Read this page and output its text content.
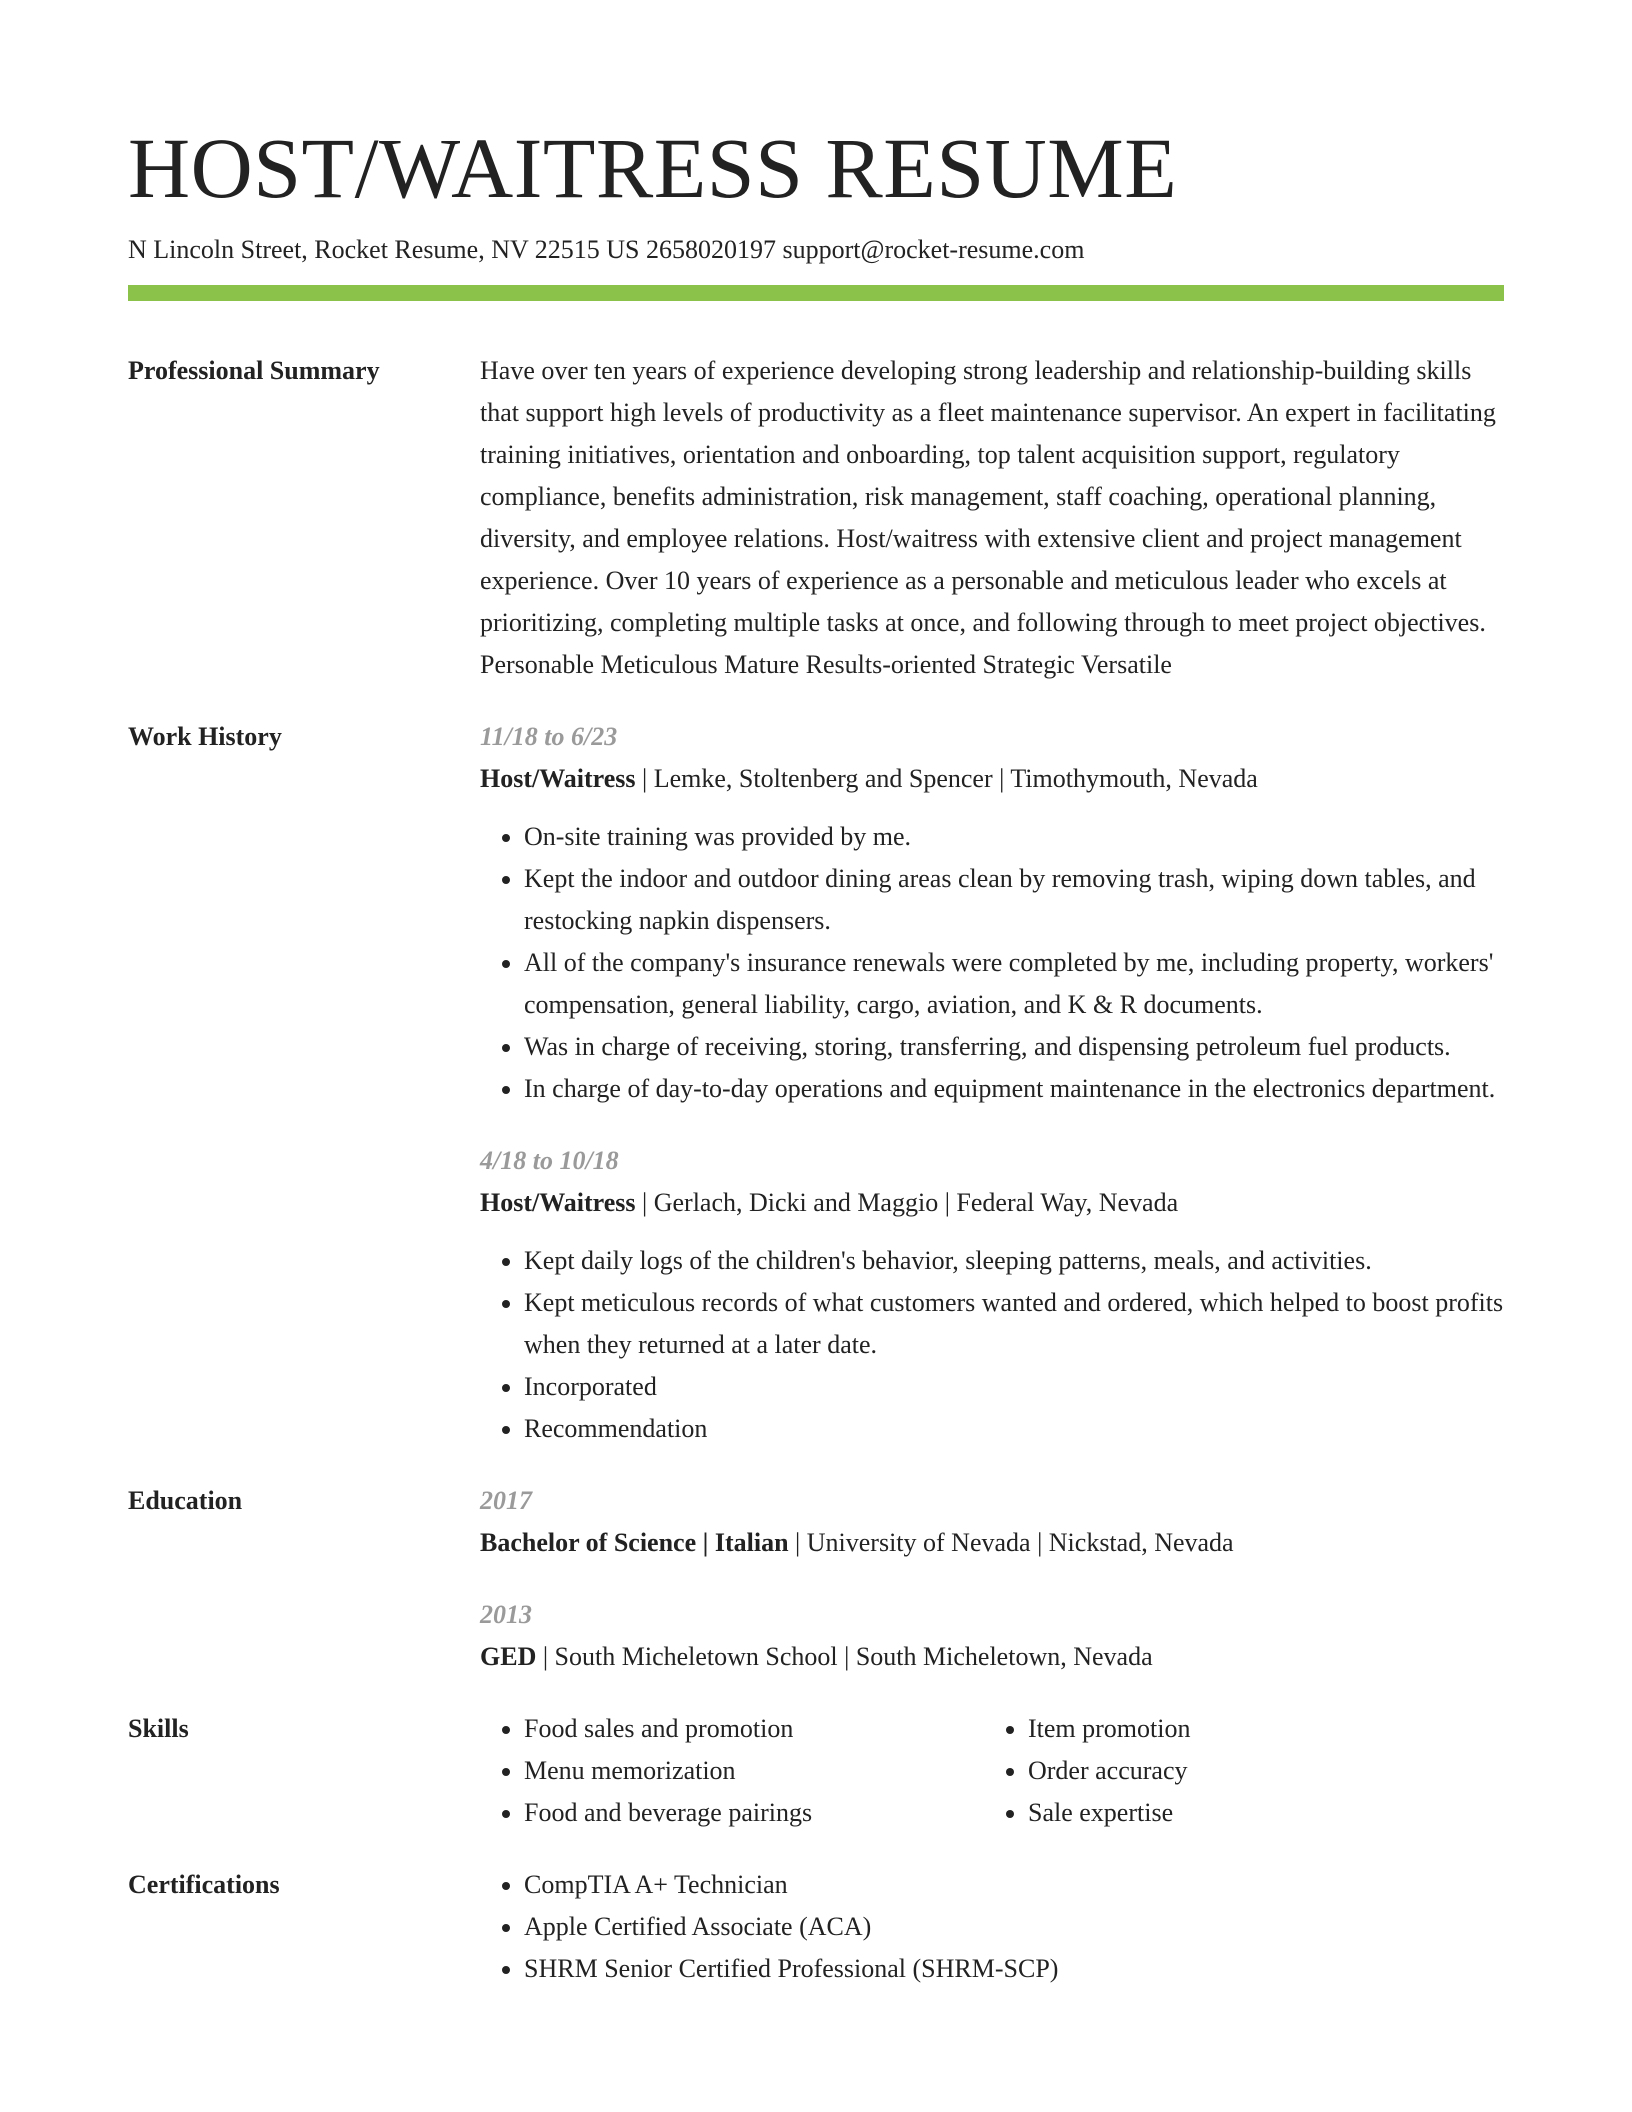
HOST/WAITRESS RESUME
N Lincoln Street, Rocket Resume, NV 22515 US 2658020197 support@rocket-resume.com
Professional Summary	Have over ten years of experience developing strong leadership and relationship-building skills that support high levels of productivity as a fleet maintenance supervisor. An expert in facilitating training initiatives, orientation and onboarding, top talent acquisition support, regulatory compliance, benefits administration, risk management, staff coaching, operational planning, diversity, and employee relations. Host/waitress with extensive client and project management experience. Over 10 years of experience as a personable and meticulous leader who excels at prioritizing, completing multiple tasks at once, and following through to meet project objectives. Personable Meticulous Mature Results-oriented Strategic Versatile

Work History	11/18 to 6/23
Host/Waitress | Lemke, Stoltenberg and Spencer | Timothymouth, Nevada
• On-site training was provided by me.
• Kept the indoor and outdoor dining areas clean by removing trash, wiping down tables, and restocking napkin dispensers.
• All of the company's insurance renewals were completed by me, including property, workers' compensation, general liability, cargo, aviation, and K & R documents.
• Was in charge of receiving, storing, transferring, and dispensing petroleum fuel products.
• In charge of day-to-day operations and equipment maintenance in the electronics department.
4/18 to 10/18
Host/Waitress | Gerlach, Dicki and Maggio | Federal Way, Nevada
• Kept daily logs of the children's behavior, sleeping patterns, meals, and activities.
• Kept meticulous records of what customers wanted and ordered, which helped to boost profits when they returned at a later date.
• Incorporated
• Recommendation
Education	2017
Bachelor of Science | Italian | University of Nevada | Nickstad, Nevada
2013
GED | South Micheletown School | South Micheletown, Nevada
Skills	• Food sales and promotion
• Menu memorization
• Food and beverage pairings
• Item promotion
• Order accuracy
• Sale expertise
Certifications	• CompTIA A+ Technician
• Apple Certified Associate (ACA)
• SHRM Senior Certified Professional (SHRM-SCP)
